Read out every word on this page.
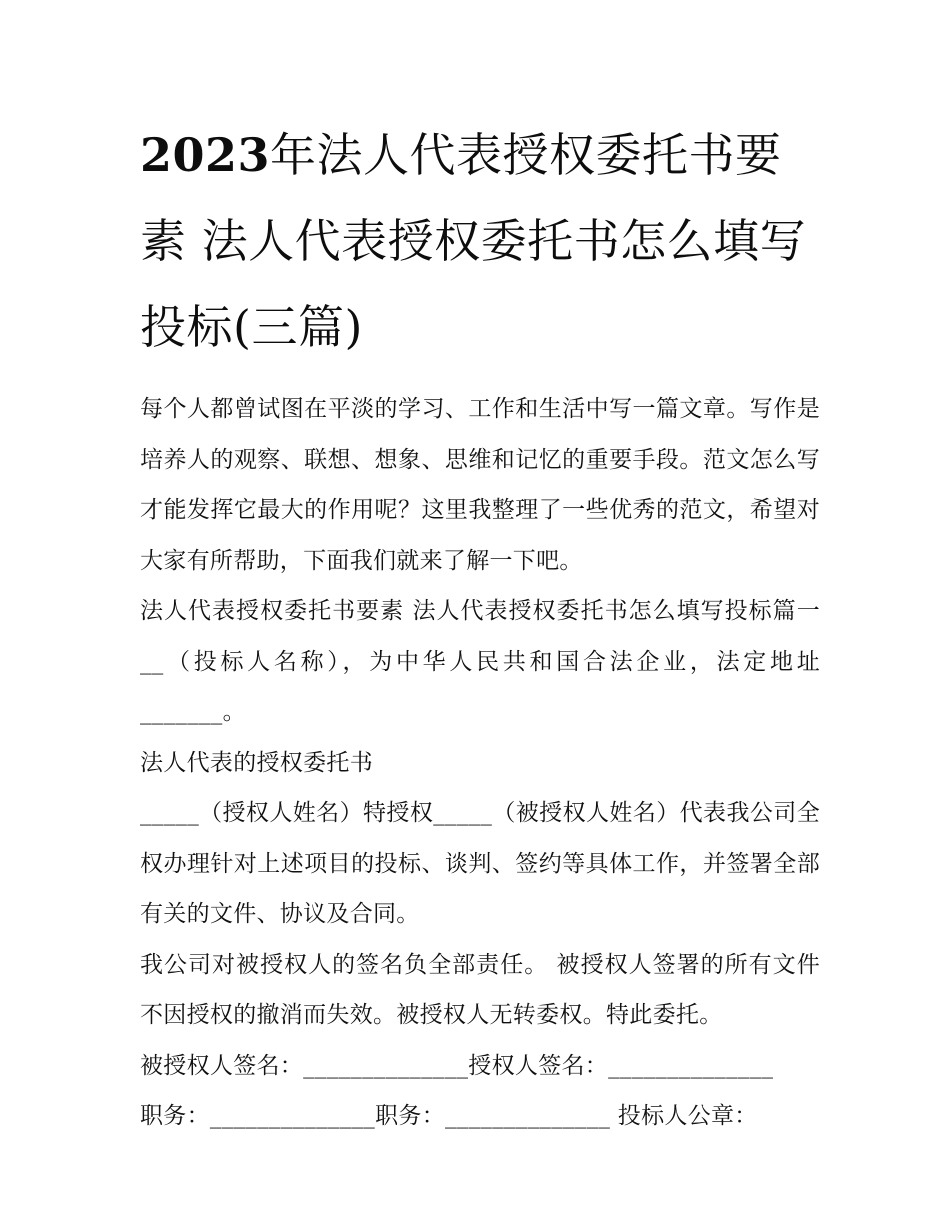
2023年法人代表授权委托书要素 法人代表授权委托书怎么填写投标(三篇)

每个人都曾试图在平淡的学习、工作和生活中写一篇文章。写作是培养人的观察、联想、想象、思维和记忆的重要手段。范文怎么写才能发挥它最大的作用呢？这里我整理了一些优秀的范文，希望对大家有所帮助，下面我们就来了解一下吧。

法人代表授权委托书要素 法人代表授权委托书怎么填写投标篇一 __（投标人名称），为中华人民共和国合法企业，法定地址_______。

法人代表的授权委托书

_____（授权人姓名）特授权_____（被授权人姓名）代表我公司全权办理针对上述项目的投标、谈判、签约等具体工作，并签署全部有关的文件、协议及合同。

我公司对被授权人的签名负全部责任。 被授权人签署的所有文件不因授权的撤消而失效。被授权人无转委权。特此委托。

被授权人签名：______________授权人签名：______________

职务：______________职务：______________ 投标人公章：
